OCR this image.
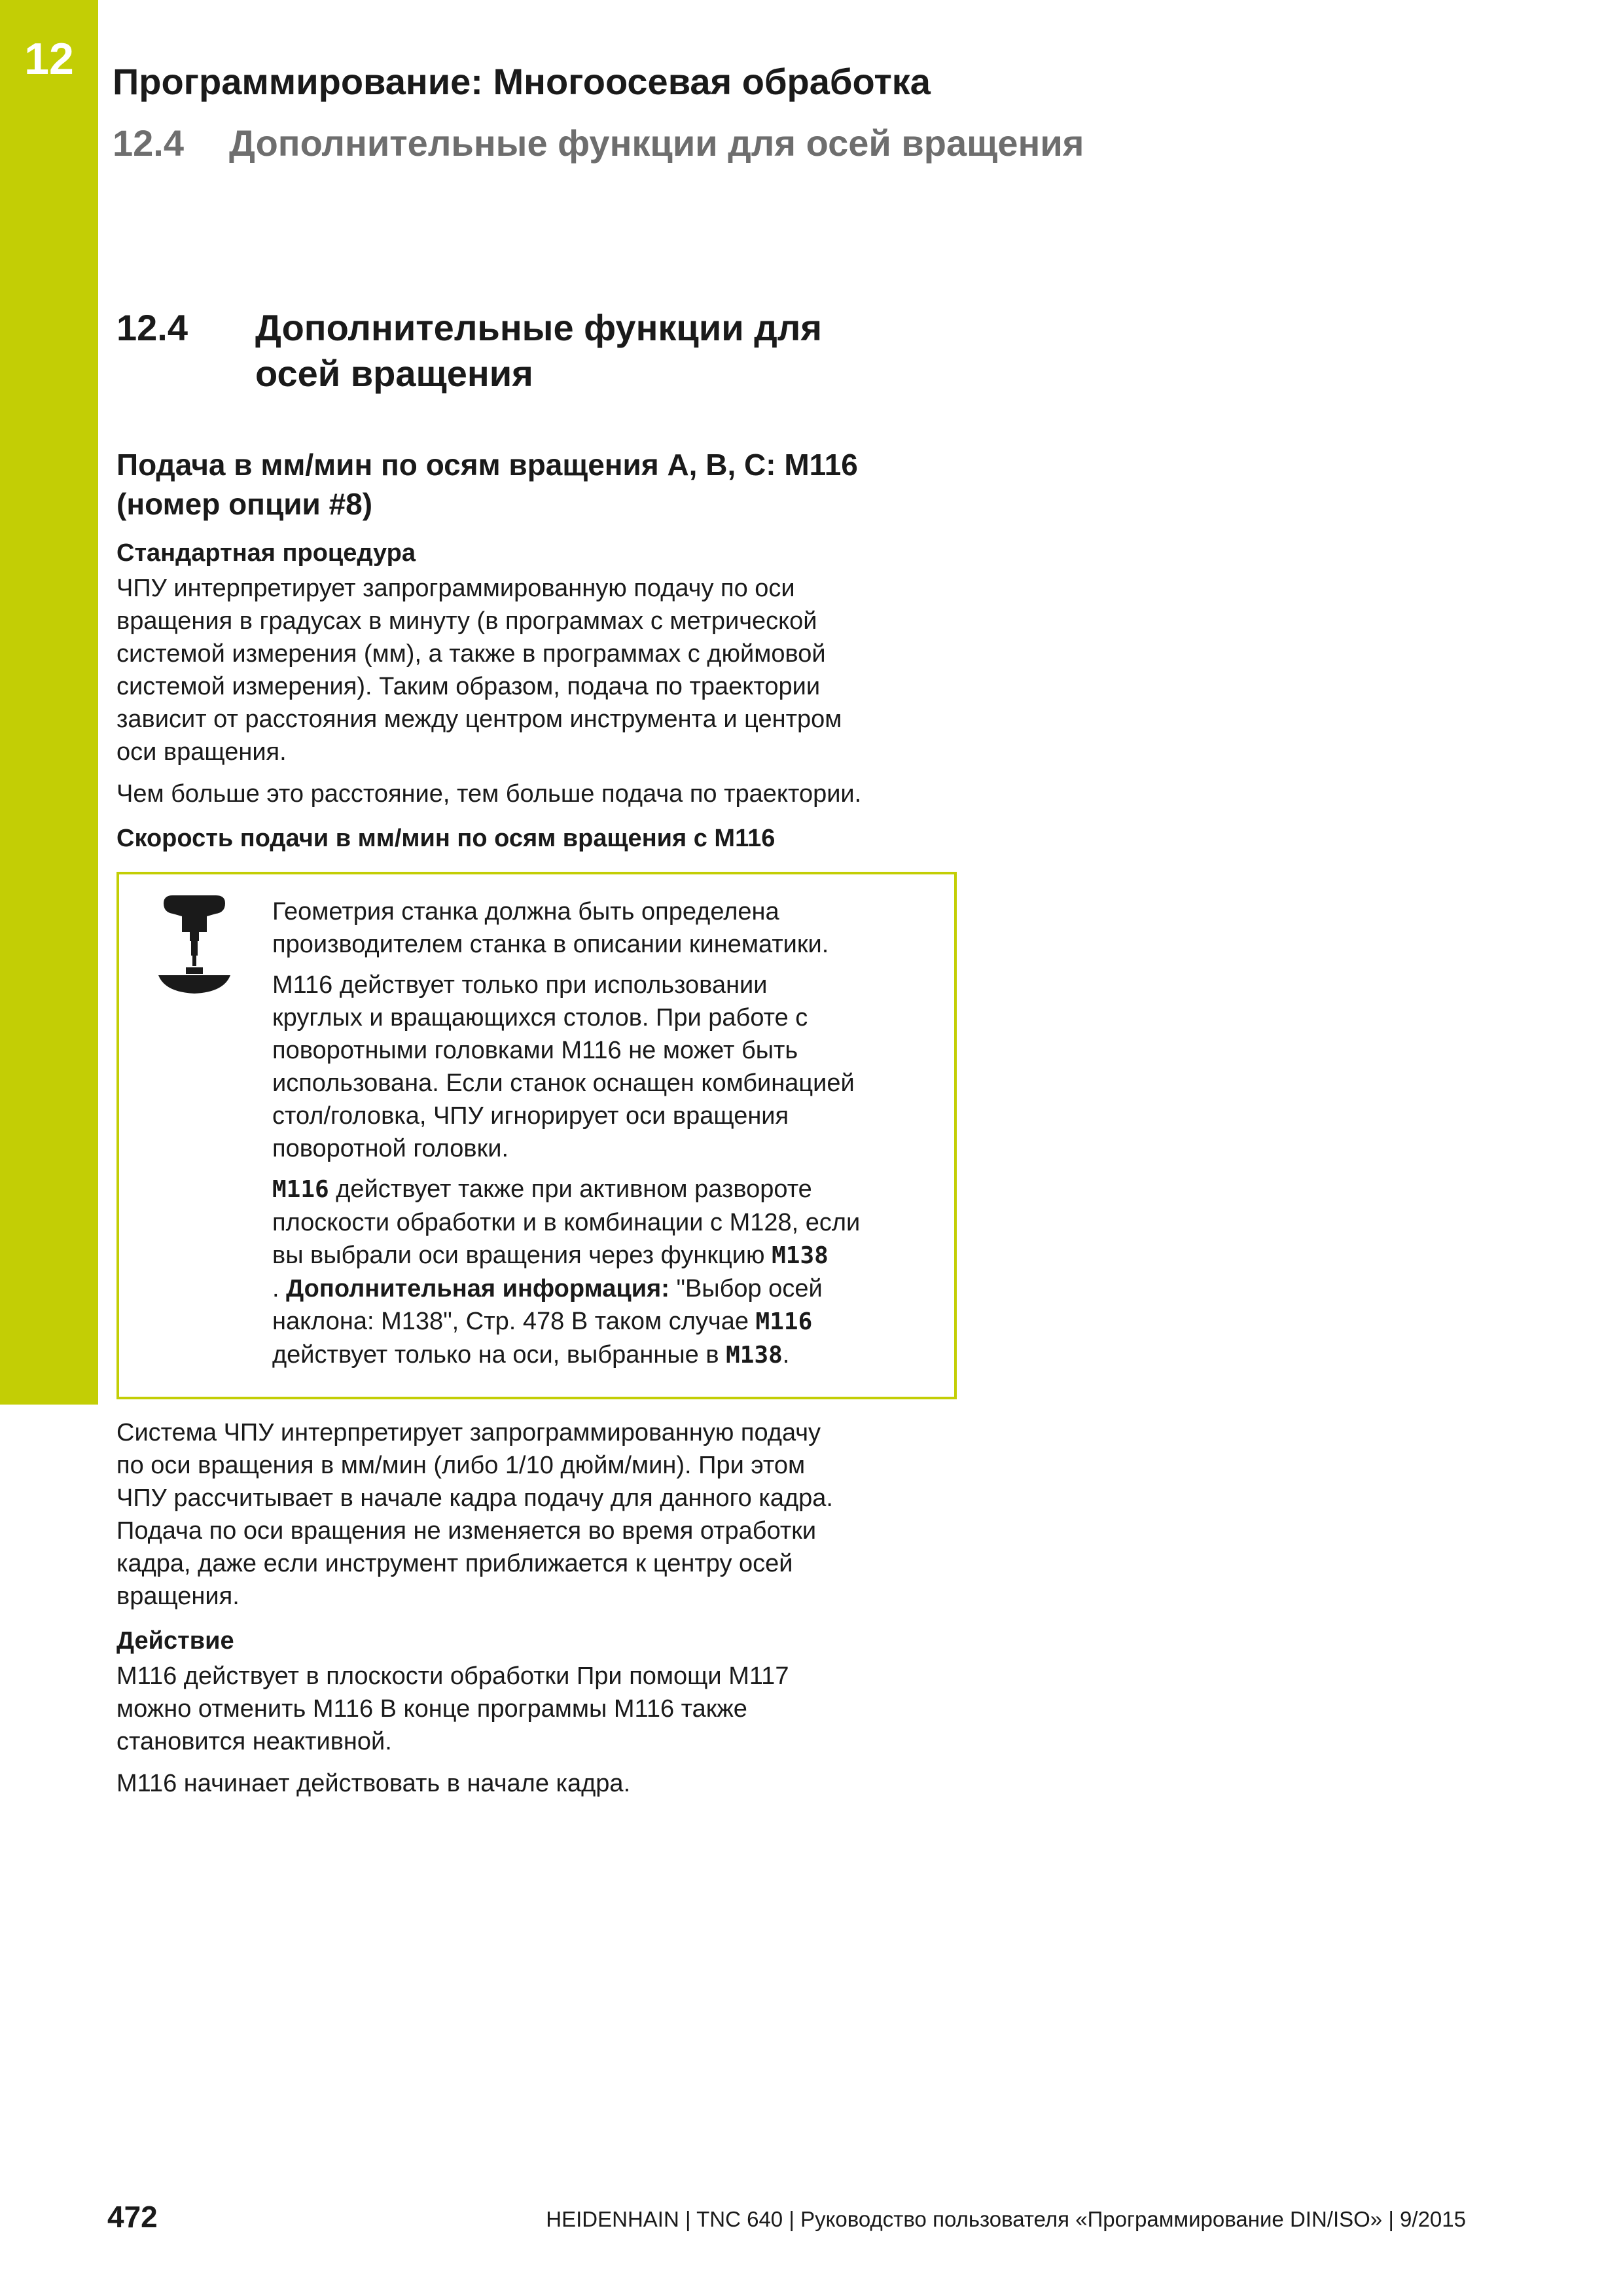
12	Программирование: Многоосевая обработка
12.4 Дополнительные функции для осей вращения
12.4	Дополнительные функции для
осей вращения
Подача в мм/мин по осям вращения A, B, C: M116
(номер опции #8)
Стандартная процедура

ЧПУ интерпретирует запрограммированную подачу по оси
вращения в градусах в минуту (в программах с метрической
системой измерения (мм), а также в программах с дюймовой
системой измерения). Таким образом, подача по траектории
зависит от расстояния между центром инструмента и центром
оси вращения.

Чем больше это расстояние, тем больше подача по траектории.

Скорость подачи в мм/мин по осям вращения с M116

Геометрия станка должна быть определена
производителем станка в описании кинематики.

M116 действует только при использовании
круглых и вращающихся столов. При работе с
поворотными головками M116 не может быть
использована. Если станок оснащен комбинацией
стол/головка, ЧПУ игнорирует оси вращения
поворотной головки.

M116 действует также при активном развороте
плоскости обработки и в комбинации с M128, если
вы выбрали оси вращения через функцию M138
. Дополнительная информация: "Выбор осей
наклона: M138", Стр. 478 В таком случае M116
действует только на оси, выбранные в M138.

Система ЧПУ интерпретирует запрограммированную подачу
по оси вращения в мм/мин (либо 1/10 дюйм/мин). При этом
ЧПУ рассчитывает в начале кадра подачу для данного кадра.
Подача по оси вращения не изменяется во время отработки
кадра, даже если инструмент приближается к центру осей
вращения.

Действие

M116 действует в плоскости обработки При помощи M117
можно отменить M116 В конце программы M116 также
становится неактивной.

M116 начинает действовать в начале кадра.

472	HEIDENHAIN | TNC 640 | Руководство пользователя «Программирование DIN/ISO» | 9/2015
